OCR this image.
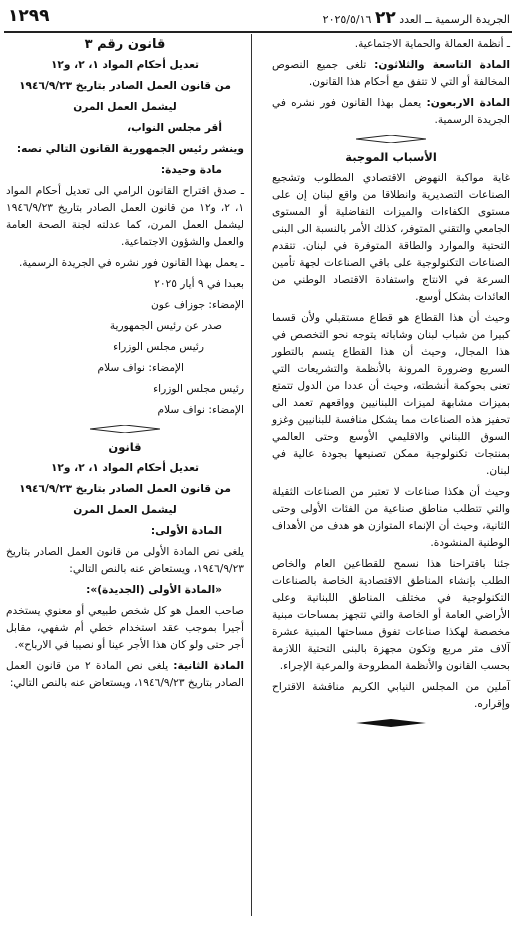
الجريدة الرسمية ــ العدد ٢٢ ٢٠٢٥/٥/١٦
١٢٩٩

ـ أنظمة العمالة والحماية الاجتماعية.

المادة التاسعة والثلاثون: تلغى جميع النصوص المخالفة أو التي لا تتفق مع أحكام هذا القانون.

المادة الاربعون: يعمل بهذا القانون فور نشره في الجريدة الرسمية.

الأسباب الموجبة

غاية مواكبة النهوض الاقتصادي المطلوب وتشجيع الصناعات التصديرية وانطلاقا من واقع لبنان إن على مستوى الكفاءات والميزات التفاضلية أو المستوى الجامعي والتقني المتوفر، كذلك الأمر بالنسبة الى البنى التحتية والموارد والطاقة المتوفرة في لبنان. تتقدم الصناعات التكنولوجية على باقي الصناعات لجهة تأمين السرعة في الانتاج واستفادة الاقتصاد الوطني من العائدات بشكل أوسع.

وحيث أن هذا القطاع هو قطاع مستقبلي ولأن قسما كبيرا من شباب لبنان وشاباته يتوجه نحو التخصص في هذا المجال، وحيث أن هذا القطاع يتسم بالتطور السريع وضرورة المرونة بالأنظمة والتشريعات التي تعنى بحوكمة أنشطته، وحيث أن عددا من الدول تتمتع بميزات مشابهة لميزات اللبنانيين وواقعهم تعمد الى تحفيز هذه الصناعات مما يشكل منافسة للبنانيين وغزو السوق اللبناني والاقليمي الأوسع وحتى العالمي بمنتجات تكنولوجية ممكن تصنيعها بجودة عالية في لبنان.

وحيث أن هكذا صناعات لا تعتبر من الصناعات الثقيلة والتي تتطلب مناطق صناعية من الفئات الأولى وحتى الثانية، وحيث أن الإنماء المتوازن هو هدف من الأهداف الوطنية المنشودة.

جئنا باقتراحنا هذا نسمح للقطاعين العام والخاص الطلب بإنشاء المناطق الاقتصادية الخاصة بالصناعات التكنولوجية في مختلف المناطق اللبنانية وعلى الأراضي العامة أو الخاصة والتي تتجهز بمساحات مبنية مخصصة لهكذا صناعات تفوق مساحتها المبنية عشرة آلاف متر مربع وتكون مجهزة بالبنى التحتية اللازمة بحسب القانون والأنظمة المطروحة والمرعية الإجراء.

آملين من المجلس النيابي الكريم مناقشة الاقتراح وإقراره.

قانون رقم ٣

تعديل أحكام المواد ١، ٢، و١٢

من قانون العمل الصادر بتاريخ ١٩٤٦/٩/٢٣

ليشمل العمل المرن

أقر مجلس النواب،

وينشر رئيس الجمهورية القانون التالي نصه:

مادة وحيدة:

ـ صدق اقتراح القانون الرامي الى تعديل أحكام المواد ١، ٢، و١٢ من قانون العمل الصادر بتاريخ ١٩٤٦/٩/٢٣ ليشمل العمل المرن، كما عدلته لجنة الصحة العامة والعمل والشؤون الاجتماعية.

ـ يعمل بهذا القانون فور نشره في الجريدة الرسمية.

بعبدا في ٩ أيار ٢٠٢٥

الإمضاء: جوزاف عون

صدر عن رئيس الجمهورية

رئيس مجلس الوزراء

الإمضاء: نواف سلام

رئيس مجلس الوزراء

الإمضاء: نواف سلام

قانون

تعديل أحكام المواد ١، ٢، و١٢

من قانون العمل الصادر بتاريخ ١٩٤٦/٩/٢٣

ليشمل العمل المرن

المادة الأولى:

يلغى نص المادة الأولى من قانون العمل الصادر بتاريخ ١٩٤٦/٩/٢٣، ويستعاض عنه بالنص التالي:

«المادة الأولى (الجديدة)»:

صاحب العمل هو كل شخص طبيعي أو معنوي يستخدم أجيرا بموجب عقد استخدام خطي أم شفهي، مقابل أجر حتى ولو كان هذا الأجر عينا أو نصيبا في الارباح».

المادة الثانية: يلغى نص المادة ٢ من قانون العمل الصادر بتاريخ ١٩٤٦/٩/٢٣، ويستعاض عنه بالنص التالي:
